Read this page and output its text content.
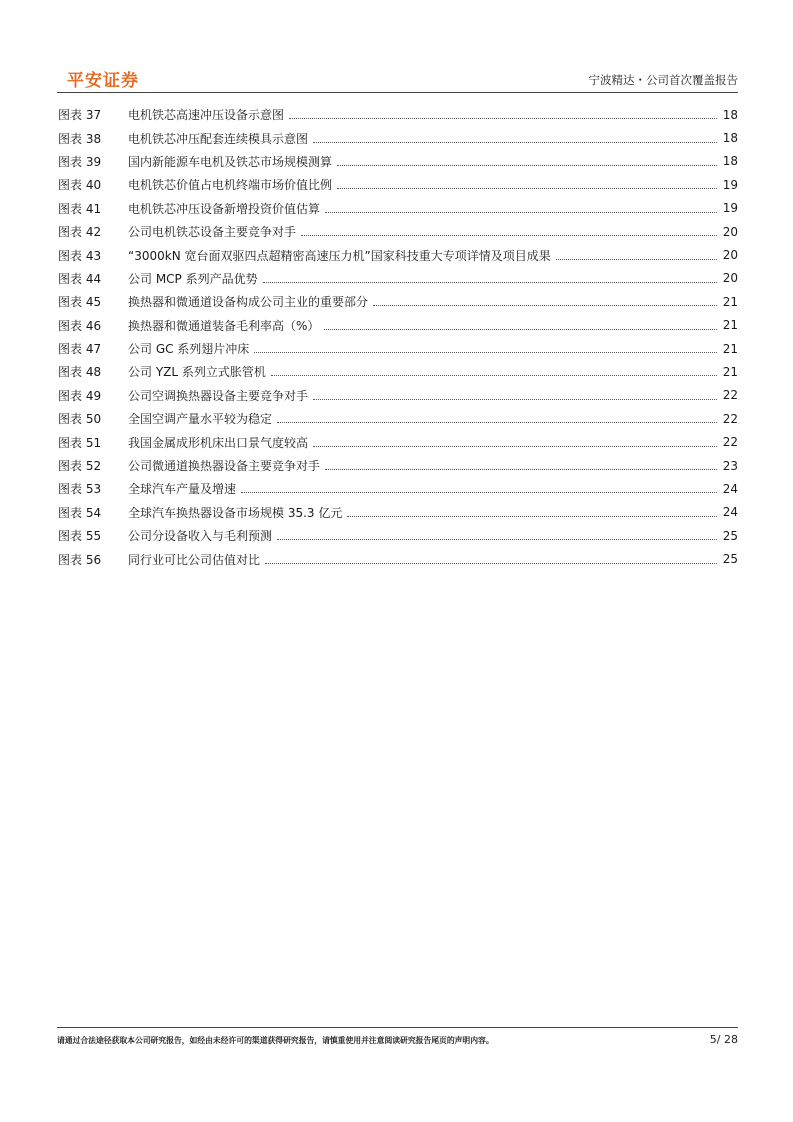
平安证券	宁波精达・公司首次覆盖报告
图表 37	电机铁芯高速冲压设备示意图	18
图表 38	电机铁芯冲压配套连续模具示意图	18
图表 39	国内新能源车电机及铁芯市场规模测算	18
图表 40	电机铁芯价值占电机终端市场价值比例	19
图表 41	电机铁芯冲压设备新增投资价值估算	19
图表 42	公司电机铁芯设备主要竞争对手	20
图表 43	“3000kN 宽台面双驱四点超精密高速压力机”国家科技重大专项详情及项目成果	20
图表 44	公司 MCP 系列产品优势	20
图表 45	换热器和微通道设备构成公司主业的重要部分	21
图表 46	换热器和微通道装备毛利率高（%）	21
图表 47	公司 GC 系列翅片冲床	21
图表 48	公司 YZL 系列立式胀管机	21
图表 49	公司空调换热器设备主要竞争对手	22
图表 50	全国空调产量水平较为稳定	22
图表 51	我国金属成形机床出口景气度较高	22
图表 52	公司微通道换热器设备主要竞争对手	23
图表 53	全球汽车产量及增速	24
图表 54	全球汽车换热器设备市场规模 35.3 亿元	24
图表 55	公司分设备收入与毛利预测	25
图表 56	同行业可比公司估值对比	25
请通过合法途径获取本公司研究报告，如经由未经许可的渠道获得研究报告，请慎重使用并注意阅读研究报告尾页的声明内容。	5/ 28
